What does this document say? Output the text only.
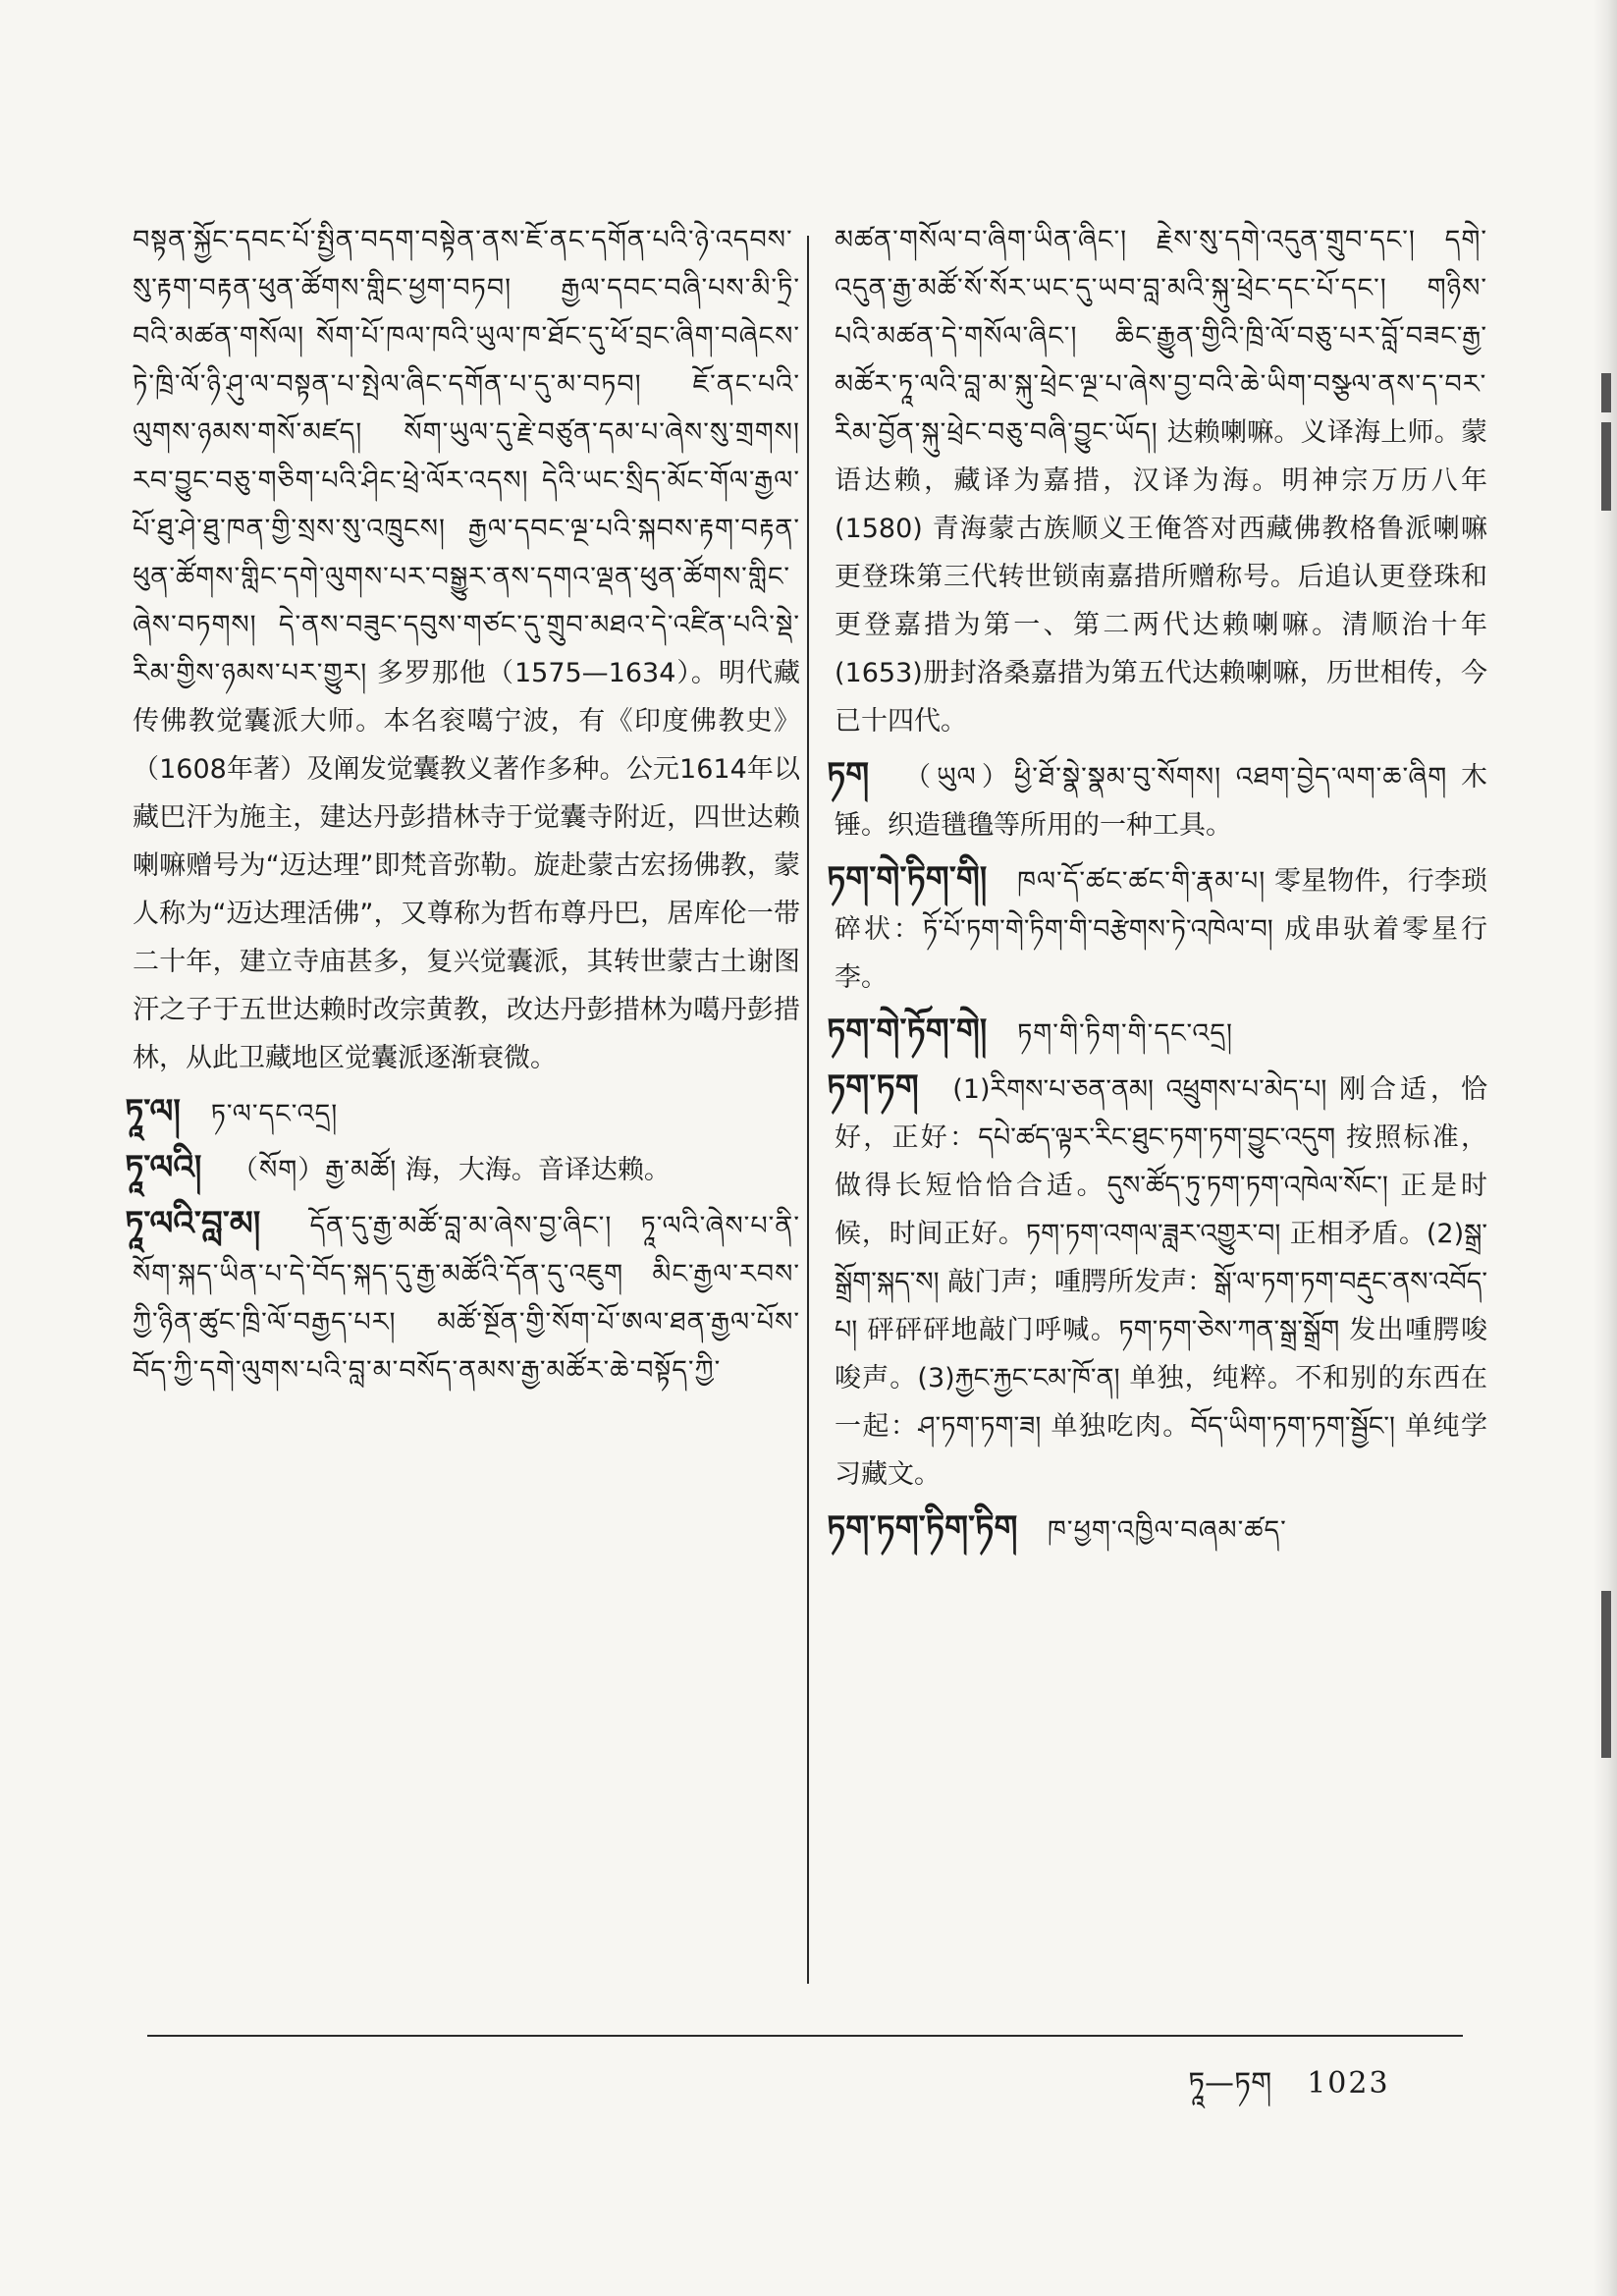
བསྟན་སྐྱོང་དབང་པོ་སྤྱིན་བདག་བསྟེན་ནས་ཇོ་ནང་དགོན་པའི་ཉེ་འདབས་སུ་རྟག་བརྟན་ཕུན་ཚོགས་གླིང་ཕྱག་བཏབ། རྒྱལ་དབང་བཞི་པས་མི་ཏྲི་བའི་མཚན་གསོལ། སོག་པོ་ཁལ་ཁའི་ཡུལ་ཁ་ཐོང་དུ་ཕོ་བྲང་ཞིག་བཞེངས་ཏེ་ཁྲི་ལོ་ཉི་ཤུ་ལ་བསྟན་པ་སྤེལ་ཞིང་དགོན་པ་དུ་མ་བཏབ། ཇོ་ནང་པའི་ལུགས་ཉམས་གསོ་མཛད། སོག་ཡུལ་དུ་རྗེ་བཙུན་དམ་པ་ཞེས་སུ་གྲགས། རབ་བྱུང་བཅུ་གཅིག་པའི་ཤིང་ཕྲེ་ལོར་འདས། དེའི་ཡང་སྲིད་མོང་གོལ་རྒྱལ་པོ་ཐུ་ཤེ་ཐུ་ཁན་གྱི་སྲས་སུ་འཁྲུངས། རྒྱལ་དབང་ལྔ་པའི་སྐབས་རྟག་བརྟན་ཕུན་ཚོགས་གླིང་དགེ་ལུགས་པར་བསྒྱུར་ནས་དགའ་ལྡན་ཕུན་ཚོགས་གླིང་ཞེས་བཏགས། དེ་ནས་བཟུང་དབུས་གཙང་དུ་གྲུབ་མཐའ་དེ་འཛིན་པའི་སྡེ་རིམ་གྱིས་ཉམས་པར་གྱུར། 多罗那他（1575—1634）。明代藏传佛教觉囊派大师。本名衮噶宁波，有《印度佛教史》（1608年著）及阐发觉囊教义著作多种。公元1614年以藏巴汗为施主，建达丹彭措林寺于觉囊寺附近，四世达赖喇嘛赠号为“迈达理”即梵音弥勒。旋赴蒙古宏扬佛教，蒙人称为“迈达理活佛”，又尊称为哲布尊丹巴，居库伦一带二十年，建立寺庙甚多，复兴觉囊派，其转世蒙古土谢图汗之子于五世达赖时改宗黄教，改达丹彭措林为噶丹彭措林，从此卫藏地区觉囊派逐渐衰微。

ཏཱ་ལ། ཏ་ལ་དང་འདྲ།

ཏཱ་ལའི། （སོག）རྒྱ་མཚོ། 海，大海。音译达赖。

ཏཱ་ལའི་བླ་མ། དོན་དུ་རྒྱ་མཚོ་བླ་མ་ཞེས་བྱ་ཞིང་། ཏཱ་ལའི་ཞེས་པ་ནི་སོག་སྐད་ཡིན་པ་དེ་བོད་སྐད་དུ་རྒྱ་མཚོའི་དོན་དུ་འཇུག མིང་རྒྱལ་རབས་ཀྱི་ཉིན་ཚུང་ཁྲི་ལོ་བརྒྱད་པར། མཚོ་སྔོན་གྱི་སོག་པོ་ཨལ་ཐན་རྒྱལ་པོས་བོད་ཀྱི་དགེ་ལུགས་པའི་བླ་མ་བསོད་ནམས་རྒྱ་མཚོར་ཆེ་བསྟོད་ཀྱི་

མཚན་གསོལ་བ་ཞིག་ཡིན་ཞིང་། རྗེས་སུ་དགེ་འདུན་གྲུབ་དང་། དགེ་འདུན་རྒྱ་མཚོ་སོ་སོར་ཡང་དུ་ཡབ་བླ་མའི་སྐུ་ཕྲེང་དང་པོ་དང་། གཉིས་པའི་མཚན་དེ་གསོལ་ཞིང་། ཆིང་རྒྱུན་གྱིའི་ཁྲི་ལོ་བཅུ་པར་བློ་བཟང་རྒྱ་མཚོར་ཏཱ་ལའི་བླ་མ་སྐུ་ཕྲེང་ལྔ་པ་ཞེས་བྱ་བའི་ཆེ་ཡིག་བསྩལ་ནས་ད་བར་རིམ་བྱོན་སྐུ་ཕྲེང་བཅུ་བཞི་བྱུང་ཡོད། 达赖喇嘛。义译海上师。蒙语达赖，藏译为嘉措，汉译为海。明神宗万历八年(1580) 青海蒙古族顺义王俺答对西藏佛教格鲁派喇嘛更登珠第三代转世锁南嘉措所赠称号。后追认更登珠和更登嘉措为第一、第二两代达赖喇嘛。清顺治十年(1653)册封洛桑嘉措为第五代达赖喇嘛，历世相传，今已十四代。

ཏག （ཡུལ）ཕྱི་ཐོ་སྣེ་སྣམ་བུ་སོགས། འཐག་བྱེད་ལག་ཆ་ཞིག 木锤。织造氆氇等所用的一种工具。

ཏག་གེ་ཏིག་གི། ཁལ་དོ་ཚང་ཚང་གི་རྣམ་པ། 零星物件，行李琐碎状：ཏོ་པོ་ཏག་གེ་ཏིག་གི་བརྩེགས་ཏེ་འཁེལ་བ། 成串驮着零星行李。

ཏག་གེ་ཏོག་གེ། ཏག་གི་ཏིག་གི་དང་འདྲ།

ཏག་ཏག (1)རིགས་པ་ཅན་ནམ། འཕྲུགས་པ་མེད་པ། 刚合适，恰好，正好：དཔེ་ཚད་ལྟར་རིང་ཐུང་ཏག་ཏག་བྱུང་འདུག 按照标准，做得长短恰恰合适。དུས་ཚོད་ཏུ་ཏག་ཏག་འཁེལ་སོང་། 正是时候，时间正好。ཏག་ཏག་འགལ་ཟླར་འགྱུར་བ། 正相矛盾。(2)སྒྲ་སྒྲོག་སྐད་ས། 敲门声；喠腭所发声：སྒོ་ལ་ཏག་ཏག་བརྡུང་ནས་འབོད་པ། 砰砰砰地敲门呼喊。ཏག་ཏག་ཅེས་ཀན་སྒྲ་སྒྲོག 发出喠腭唆唆声。(3)རྐྱང་རྐྱང་ངམ་ཁོ་ན། 单独，纯粹。不和别的东西在一起：ཤ་ཏག་ཏག་ཟ། 单独吃肉。བོད་ཡིག་ཏག་ཏག་སྦྱོང་། 单纯学习藏文。

ཏག་ཏག་ཏིག་ཏིག ཁ་ཕྱག་འཁྱིལ་བཞམ་ཚད་

ཏཱ—ཏག 1023
